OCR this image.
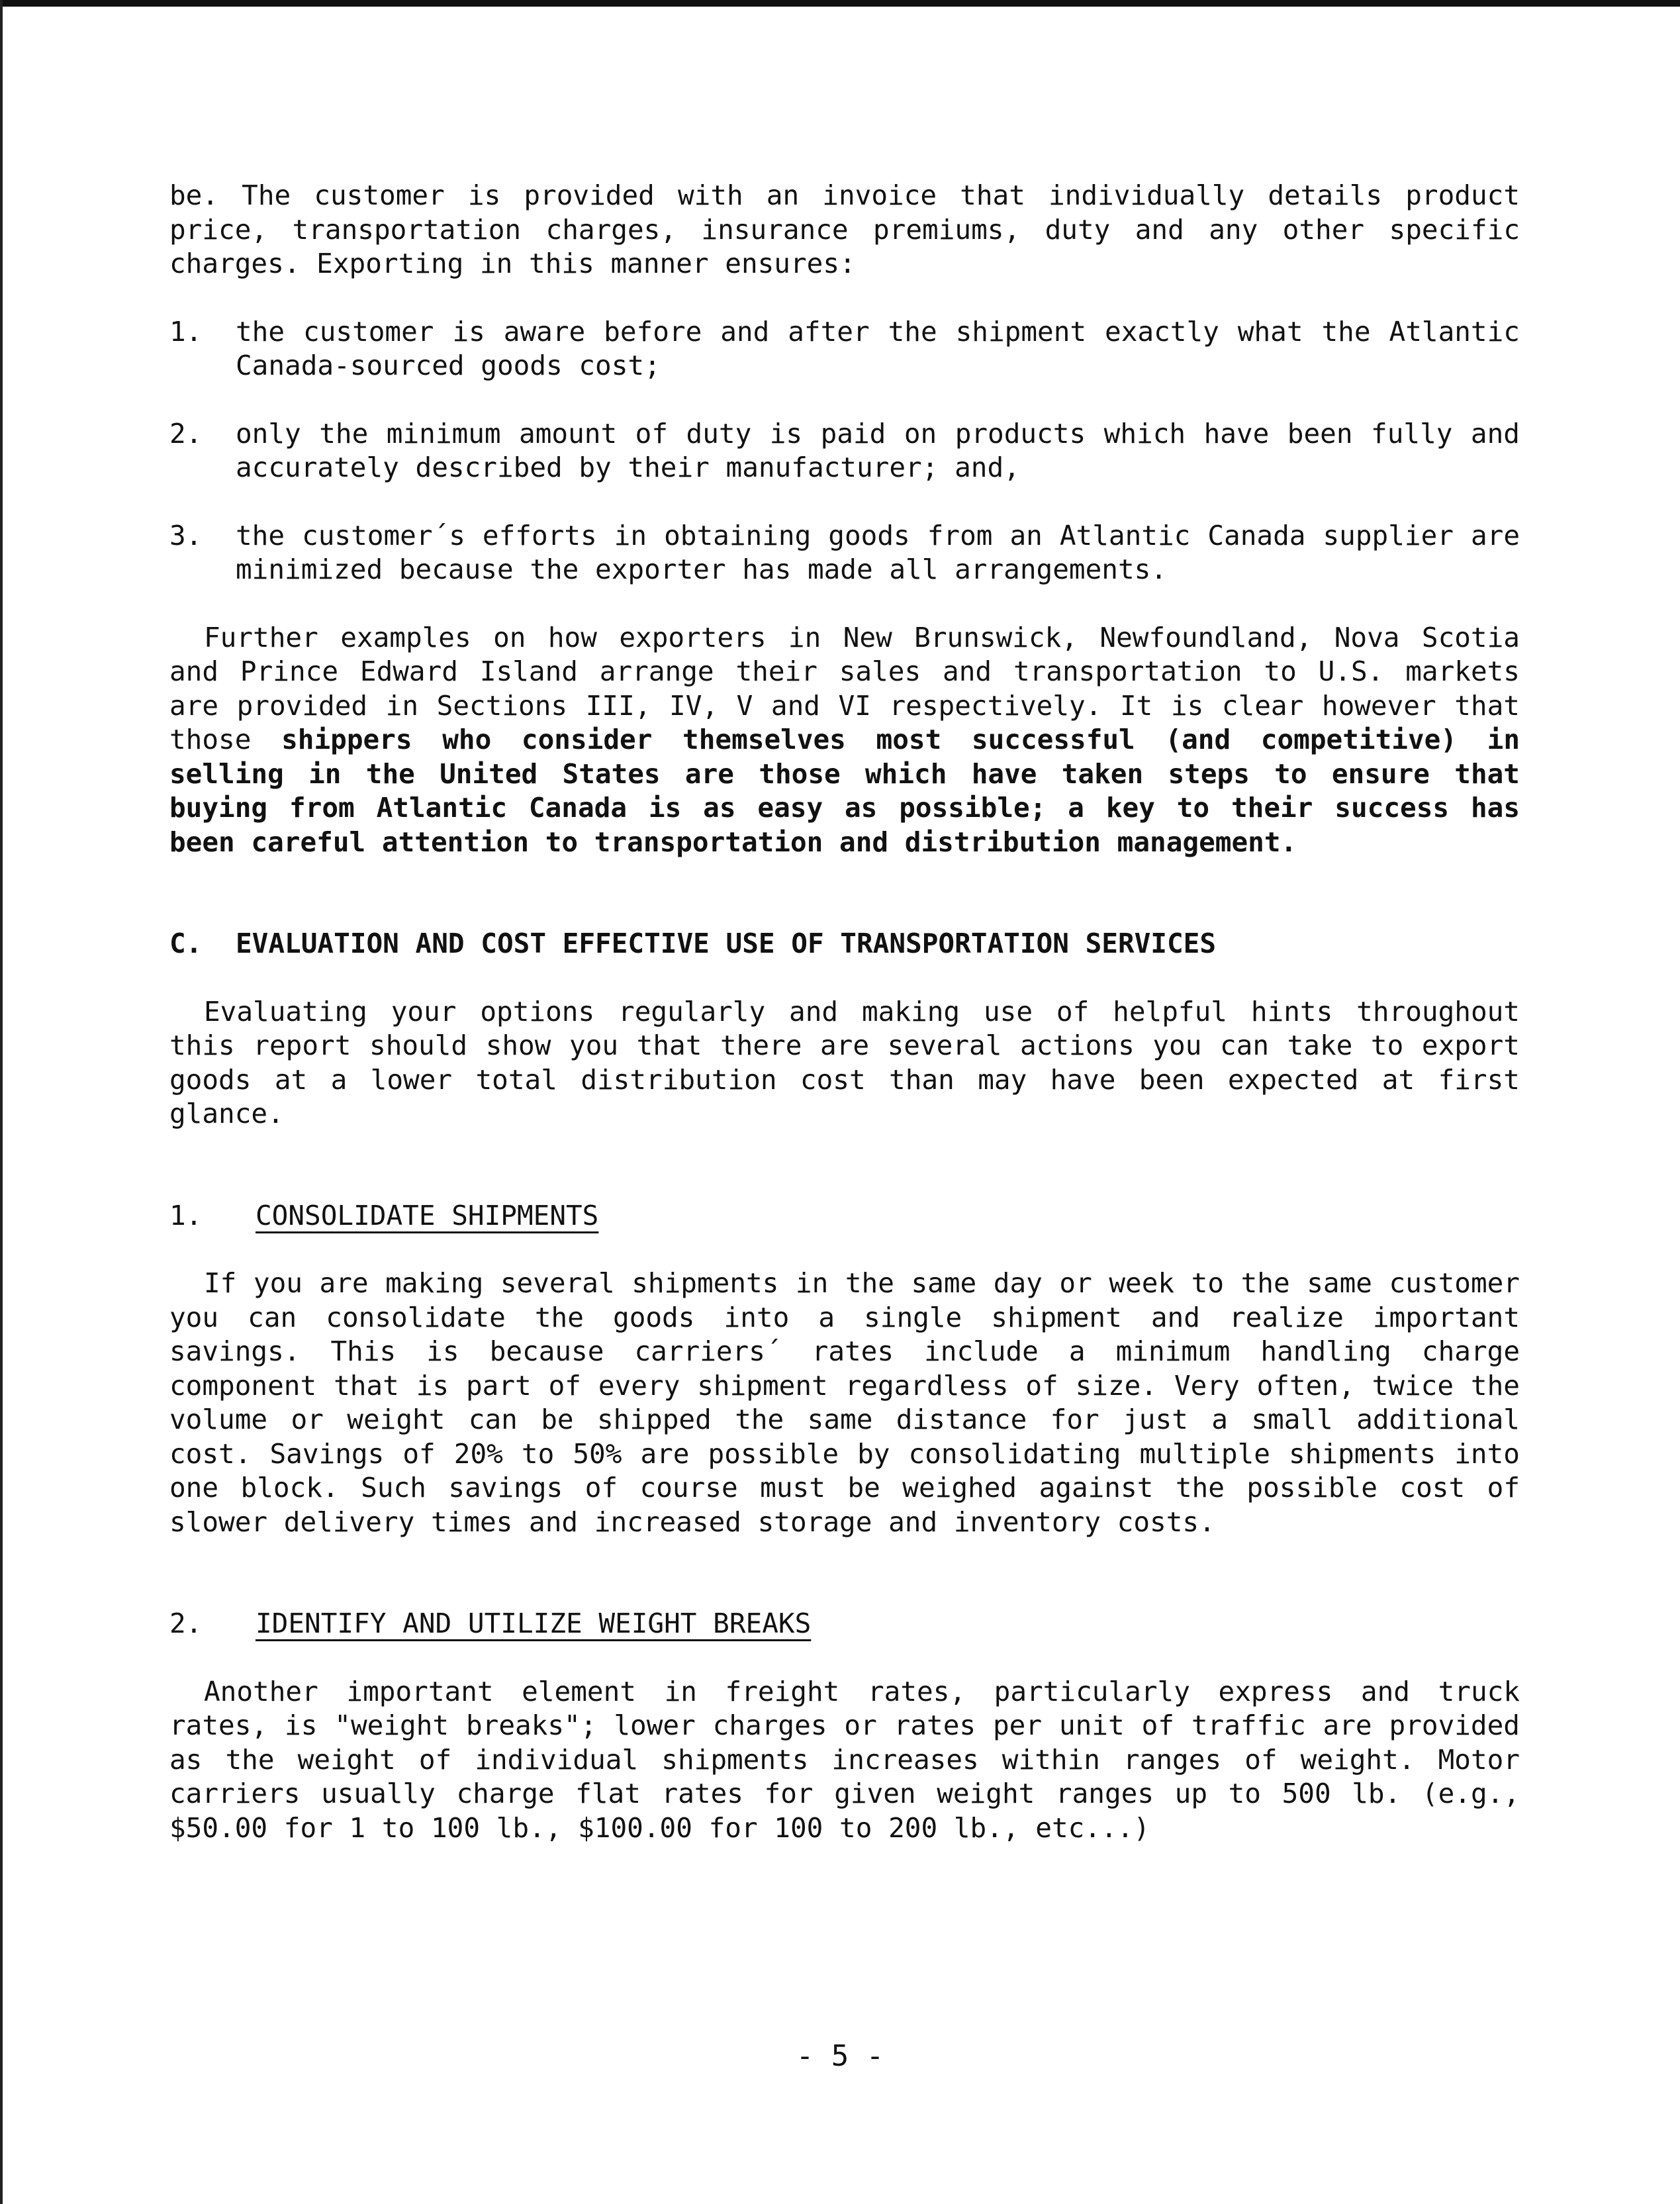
be. The customer is provided with an invoice that individually details product price, transportation charges, insurance premiums, duty and any other specific charges. Exporting in this manner ensures:

1.	the customer is aware before and after the shipment exactly what the Atlantic Canada-sourced goods cost;
2.	only the minimum amount of duty is paid on products which have been fully and accurately described by their manufacturer; and,
3.	the customer´s efforts in obtaining goods from an Atlantic Canada supplier are minimized because the exporter has made all arrangements.

Further examples on how exporters in New Brunswick, Newfoundland, Nova Scotia and Prince Edward Island arrange their sales and transportation to U.S. markets are provided in Sections III, IV, V and VI respectively. It is clear however that those shippers who consider themselves most successful (and competitive) in selling in the United States are those which have taken steps to ensure that buying from Atlantic Canada is as easy as possible; a key to their success has been careful attention to transportation and distribution management.

C.	EVALUATION AND COST EFFECTIVE USE OF TRANSPORTATION SERVICES

Evaluating your options regularly and making use of helpful hints throughout this report should show you that there are several actions you can take to export goods at a lower total distribution cost than may have been expected at first glance.

1.	CONSOLIDATE SHIPMENTS

If you are making several shipments in the same day or week to the same customer you can consolidate the goods into a single shipment and realize important savings. This is because carriers´ rates include a minimum handling charge component that is part of every shipment regardless of size. Very often, twice the volume or weight can be shipped the same distance for just a small additional cost. Savings of 20% to 50% are possible by consolidating multiple shipments into one block. Such savings of course must be weighed against the possible cost of slower delivery times and increased storage and inventory costs.

2.	IDENTIFY AND UTILIZE WEIGHT BREAKS

Another important element in freight rates, particularly express and truck rates, is "weight breaks"; lower charges or rates per unit of traffic are provided as the weight of individual shipments increases within ranges of weight. Motor carriers usually charge flat rates for given weight ranges up to 500 lb. (e.g., $50.00 for 1 to 100 lb., $100.00 for 100 to 200 lb., etc...)

- 5 -
